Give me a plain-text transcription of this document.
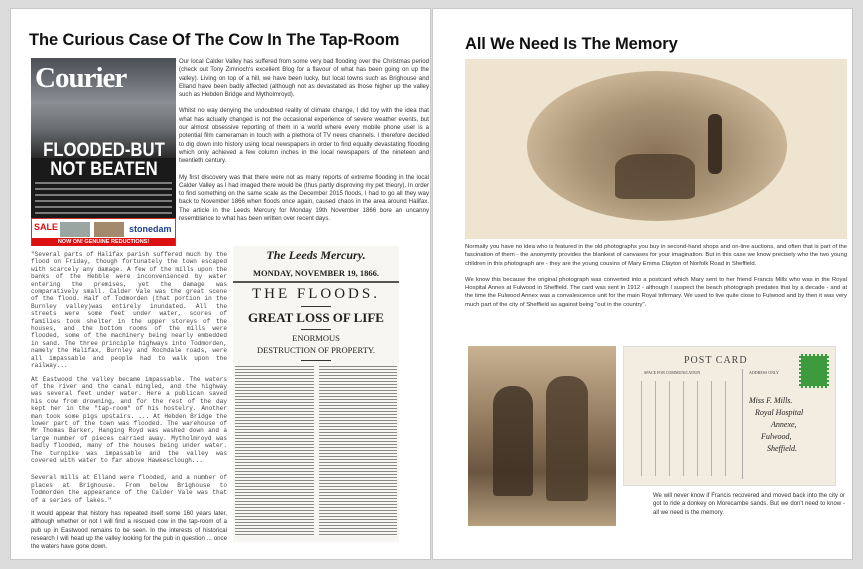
The Curious Case Of The Cow In The Tap-Room
Courier
FLOODED-BUT
NOT BEATEN
SALE	stonedam
NOW ON! GENUINE REDUCTIONS!

Our local Calder Valley has suffered from some very bad flooding over the Christmas period (check out Tony Zimnoch's excellent Blog for a flavour of what has been going on up the valley). Living on top of a hill, we have been lucky, but local towns such as Brighouse and Elland have been badly affected (although not as devastated as those higher up the valley such as Hebden Bridge and Mytholmroyd).

Whilst no way denying the undoubted reality of climate change, I did toy with the idea that what has actually changed is not the occasional experience of severe weather events, but our almost obsessive reporting of them in a world where every mobile phone user is a potential film cameraman in touch with a plethora of TV news channels. I therefore decided to dig down into history using local newspapers in order to find equally devastating flooding which only achieved a few column inches in the local newspapers of the nineteen and twentieth century.

My first discovery was that there were not as many reports of extreme flooding in the local Calder Valley as I had imaged there would be (thus partly disproving my pet theory). In order to find something on the same scale as the December 2015 floods, I had to go all they way back to November 1866 when floods once again, caused chaos in the area around Halifax. The article in the Leeds Mercury for Monday 19th November 1866 bore an uncanny resemblance to what has been written over recent days.

"Several parts of Halifax parish suffered much by the flood on Friday, though fortunately the town escaped with scarcely any damage. A few of the mills upon the banks of the Hebble were inconvenienced by water entering the premises, yet the damage was comparatively small. Calder Vale was the great scene of the flood. Half of Todmorden (that portion in the Burnley valley)was entirely inundated. All the streets were some feet under water, scores of families took shelter in the upper storeys of the houses, and the bottom rooms of the mills were flooded, some of the machinery being nearly embedded in sand. The three principle highways into Todmorden, namely the Halifax, Burnley and Rochdale roads, were all impassable and people had to walk upon the railway...

At Eastwood the valley became impassable. The waters of the river and the canal mingled, and the highway was several feet under water. Here a publican saved his cow from drowning, and for the rest of the day kept her in the "tap-room" of his hostelry. Another man took some pigs upstairs. ... At Hebden Bridge the lower part of the town was flooded. The warehouse of Mr Thomas Barker, Hanging Royd was washed down and a large number of pieces carried away. Mytholmroyd was badly flooded, many of the houses being under water. The turnpike was impassable and the valley was covered with water to far above Hawkesclough...

Several mills at Elland were flooded, and a number of places at Brighouse. From below Brighouse to Todmorden the appearance of the Calder Vale was that of a series of lakes."

It would appear that history has repeated itself some 160 years later, although whether or not I will find a rescued cow in the tap-room of a pub up in Eastwood remains to be seen. In the interests of historical research I will head up the valley looking for the pub in question ... once the waters have gone down.
The Leeds Mercury.
MONDAY, NOVEMBER 19, 1866.
THE FLOODS.
GREAT LOSS OF LIFE
ENORMOUS
DESTRUCTION OF PROPERTY.
All We Need Is The Memory

Normally you have no idea who is featured in the old photographs you buy in second-hand shops and on-line auctions, and often that is part of the fascination of them - the anonymity provides the blankest of canvases for your imagination. But in this case we know precisely who the two young children in this photograph are - they are the young cousins of Mary Emma Clayton of Norfolk Road in Sheffield.

We know this because the original photograph was converted into a postcard which Mary sent to her friend Francis Mills who was in the Royal Hospital Annex at Fulwood in Sheffield. The card was sent in 1912 - although I suspect the beach photograph predates that by a decade - and at the time the Fulwood Annex was a convalescence unit for the main Royal Infirmary. We used to live quite close to Fulwood and by then it was very much part of the city of Sheffield as against being "out in the country".

POST CARD
SPACE FOR COMMUNICATION	ADDRESS ONLY
Miss F. Mills.
Royal Hospital
Annexe,
Fulwood,
Sheffield.
We will never know if Francis recovered and moved back into the city or got to ride a donkey on Morecambe sands. But we don't need to know - all we need is the memory.
